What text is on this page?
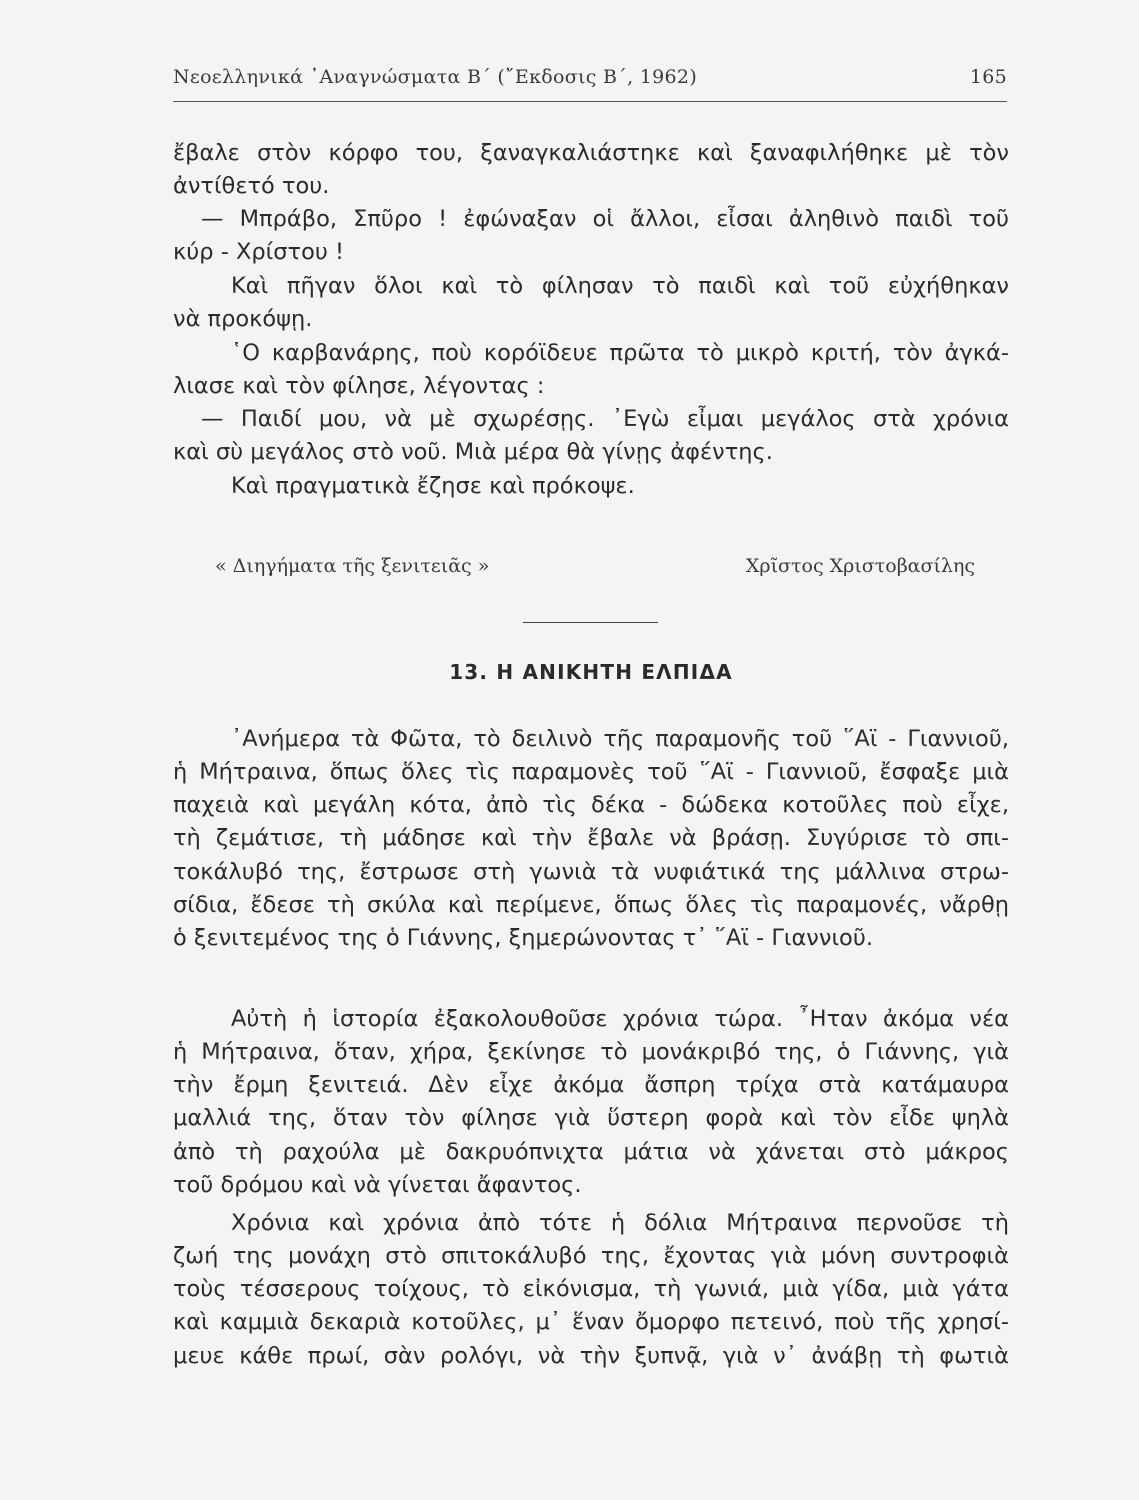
Νεοελληνικά ᾿Αναγνώσματα Β΄ (῎Εκδοσις Β΄, 1962)	165
ἔβαλε στὸν κόρφο του, ξαναγκαλιάστηκε καὶ ξαναφιλήθηκε μὲ τὸν
ἀντίθετό του.
— Μπράβο, Σπῦρο ! ἐφώναξαν οἱ ἄλλοι, εἶσαι ἀληθινὸ παιδὶ τοῦ
κύρ - Χρίστου !
Καὶ πῆγαν ὅλοι καὶ τὸ φίλησαν τὸ παιδὶ καὶ τοῦ εὐχήθηκαν
νὰ προκόψῃ.
῾Ο καρβανάρης, ποὺ κορόϊδευε πρῶτα τὸ μικρὸ κριτή, τὸν ἀγκά-
λιασε καὶ τὸν φίλησε, λέγοντας :
— Παιδί μου, νὰ μὲ σχωρέσῃς. ᾿Εγὼ εἶμαι μεγάλος στὰ χρόνια
καὶ σὺ μεγάλος στὸ νοῦ. Μιὰ μέρα θὰ γίνῃς ἀφέντης.
Καὶ πραγματικὰ ἔζησε καὶ πρόκοψε.
« Διηγήματα τῆς ξενιτειᾶς »	Χρῖστος Χριστοβασίλης
13. Η ΑΝΙΚΗΤΗ ΕΛΠΙΔΑ
᾿Ανήμερα τὰ Φῶτα, τὸ δειλινὸ τῆς παραμονῆς τοῦ ῞Αϊ - Γιαννιοῦ,
ἡ Μήτραινα, ὅπως ὅλες τὶς παραμονὲς τοῦ ῞Αϊ - Γιαννιοῦ, ἔσφαξε μιὰ
παχειὰ καὶ μεγάλη κότα, ἀπὸ τὶς δέκα - δώδεκα κοτοῦλες ποὺ εἶχε,
τὴ ζεμάτισε, τὴ μάδησε καὶ τὴν ἔβαλε νὰ βράσῃ. Συγύρισε τὸ σπι-
τοκάλυβό της, ἔστρωσε στὴ γωνιὰ τὰ νυφιάτικά της μάλλινα στρω-
σίδια, ἔδεσε τὴ σκύλα καὶ περίμενε, ὅπως ὅλες τὶς παραμονές, νἄρθῃ
ὁ ξενιτεμένος της ὁ Γιάννης, ξημερώνοντας τ᾿ ῞Αϊ - Γιαννιοῦ.
Αὐτὴ ἡ ἱστορία ἐξακολουθοῦσε χρόνια τώρα. ῏Ηταν ἀκόμα νέα
ἡ Μήτραινα, ὅταν, χήρα, ξεκίνησε τὸ μονάκριβό της, ὁ Γιάννης, γιὰ
τὴν ἔρμη ξενιτειά. Δὲν εἶχε ἀκόμα ἄσπρη τρίχα στὰ κατάμαυρα
μαλλιά της, ὅταν τὸν φίλησε γιὰ ὕστερη φορὰ καὶ τὸν εἶδε ψηλὰ
ἀπὸ τὴ ραχούλα μὲ δακρυόπνιχτα μάτια νὰ χάνεται στὸ μάκρος
τοῦ δρόμου καὶ νὰ γίνεται ἄφαντος.
Χρόνια καὶ χρόνια ἀπὸ τότε ἡ δόλια Μήτραινα περνοῦσε τὴ
ζωή της μονάχη στὸ σπιτοκάλυβό της, ἔχοντας γιὰ μόνη συντροφιὰ
τοὺς τέσσερους τοίχους, τὸ εἰκόνισμα, τὴ γωνιά, μιὰ γίδα, μιὰ γάτα
καὶ καμμιὰ δεκαριὰ κοτοῦλες, μ᾿ ἕναν ὄμορφο πετεινό, ποὺ τῆς χρησί-
μευε κάθε πρωί, σὰν ρολόγι, νὰ τὴν ξυπνᾷ, γιὰ ν᾿ ἀνάβῃ τὴ φωτιὰ
